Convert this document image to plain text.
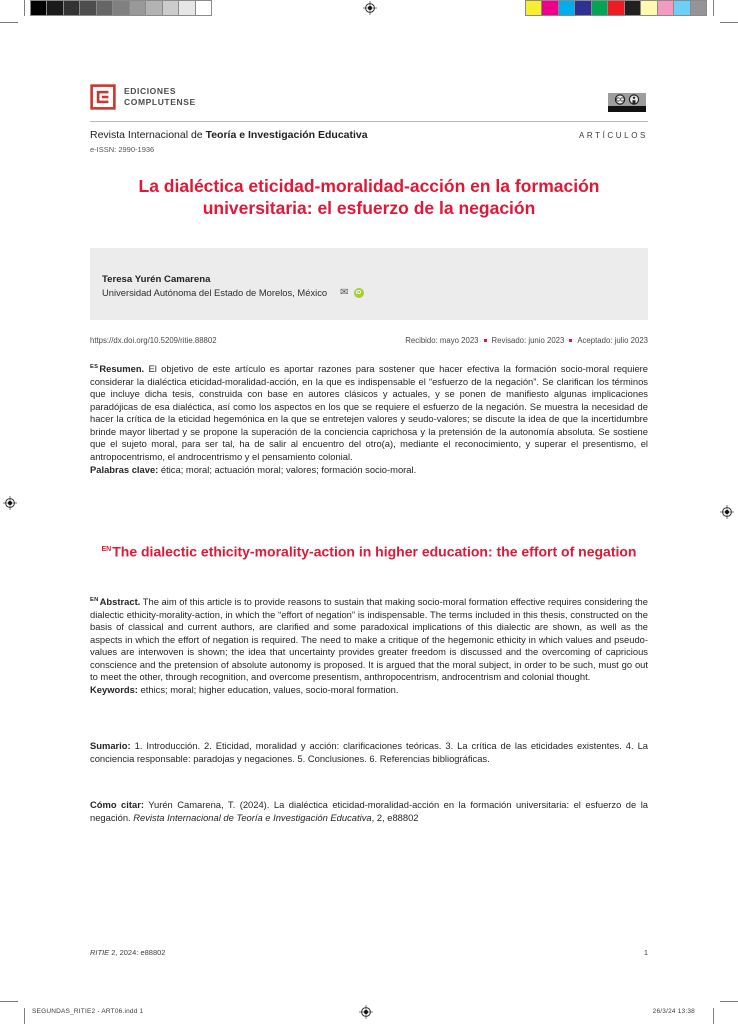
SEGUNDAS_RITIE2 - ART06.indd 1	26/3/24 13:38
EDICIONES
COMPLUTENSE	CC
Revista Internacional de Teoría e Investigación Educativa	ARTÍCULOS
e-ISSN: 2990-1936
La dialéctica eticidad-moralidad-acción en la formación universitaria: el esfuerzo de la negación
Teresa Yurén Camarena
Universidad Autónoma del Estado de Morelos, México ✉	iD
https://dx.doi.org/10.5209/ritie.88802	Recibido: mayo 2023 Revisado: junio 2023 Aceptado: julio 2023

$^{ES}$Resumen. El objetivo de este artículo es aportar razones para sostener que hacer efectiva la formación socio-moral requiere considerar la dialéctica eticidad-moralidad-acción, en la que es indispensable el “esfuerzo de la negación”. Se clarifican los términos que incluye dicha tesis, construida con base en autores clásicos y actuales, y se ponen de manifiesto algunas implicaciones paradójicas de esa dialéctica, así como los aspectos en los que se requiere el esfuerzo de la negación. Se muestra la necesidad de hacer la crítica de la eticidad hegemónica en la que se entretejen valores y seudo-valores; se discute la idea de que la incertidumbre brinde mayor libertad y se propone la superación de la conciencia caprichosa y la pretensión de la autonomía absoluta. Se sostiene que el sujeto moral, para ser tal, ha de salir al encuentro del otro(a), mediante el reconocimiento, y superar el presentismo, el antropocentrismo, el androcentrismo y el pensamiento colonial.

Palabras clave: ética; moral; actuación moral; valores; formación socio-moral.

$^{EN}$The dialectic ethicity-morality-action in higher education: the effort of negation

$^{EN}$Abstract. The aim of this article is to provide reasons to sustain that making socio-moral formation effective requires considering the dialectic ethicity-morality-action, in which the “effort of negation” is indispensable. The terms included in this thesis, constructed on the basis of classical and current authors, are clarified and some paradoxical implications of this dialectic are shown, as well as the aspects in which the effort of negation is required. The need to make a critique of the hegemonic ethicity in which values and pseudo-values are interwoven is shown; the idea that uncertainty provides greater freedom is discussed and the overcoming of capricious conscience and the pretension of absolute autonomy is proposed. It is argued that the moral subject, in order to be such, must go out to meet the other, through recognition, and overcome presentism, anthropocentrism, androcentrism and colonial thought.

Keywords: ethics; moral; higher education, values, socio-moral formation.

Sumario: 1. Introducción. 2. Eticidad, moralidad y acción: clarificaciones teóricas. 3. La crítica de las eticidades existentes. 4. La conciencia responsable: paradojas y negaciones. 5. Conclusiones. 6. Referencias bibliográficas.

Cómo citar: Yurén Camarena, T. (2024). La dialéctica eticidad-moralidad-acción en la formación universitaria: el esfuerzo de la negación. Revista Internacional de Teoría e Investigación Educativa, 2, e88802

RITIE 2, 2024: e88802	1
